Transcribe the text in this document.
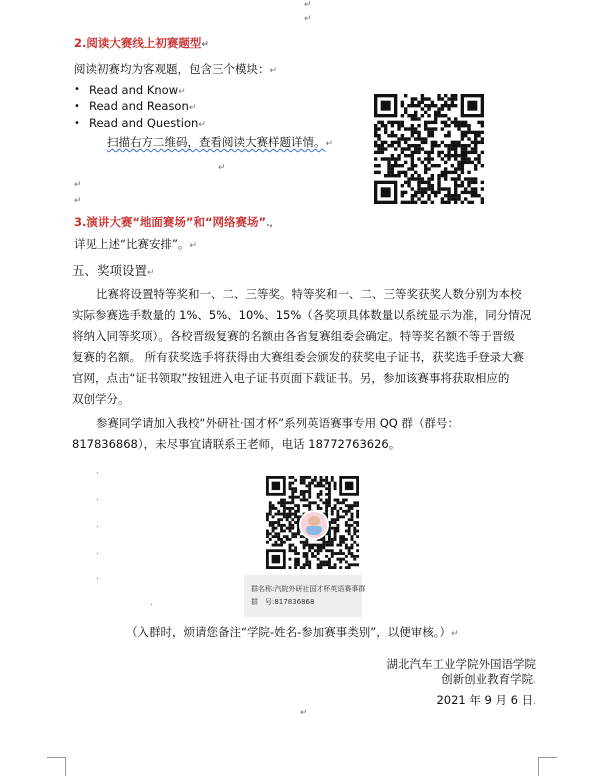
↵
↵
2.阅读大赛线上初赛题型↵
阅读初赛均为客观题，包含三个模块：↵
• Read and Know↵
• Read and Reason↵
• Read and Question↵
扫描右方二维码，查看阅读大赛样题详情。↵
↵
↵
↵
3.演讲大赛“地面赛场”和“网络赛场”.,
详见上述“比赛安排”。↵
五、奖项设置↵
比赛将设置特等奖和一、二、三等奖。特等奖和一、二、三等奖获奖人数分别为本校
实际参赛选手数量的 1%、5%、10%、15%（各奖项具体数量以系统显示为准，同分情况
将纳入同等奖项）。各校晋级复赛的名额由各省复赛组委会确定。特等奖名额不等于晋级
复赛的名额。 所有获奖选手将获得由大赛组委会颁发的获奖电子证书，获奖选手登录大赛
官网，点击“证书领取”按钮进入电子证书页面下载证书。另，参加该赛事将获取相应的
双创学分。
参赛同学请加入我校“外研社·国才杯”系列英语赛事专用 QQ 群（群号：
817836868），未尽事宜请联系王老师，电话 18772763626。
.
.
.
.
.
群名称:汽院外研社国才杯英语赛事群
群　号:817836868
.
（入群时，烦请您备注“学院-姓名-参加赛事类别”，以便审核。）↵
湖北汽车工业学院外国语学院
创新创业教育学院.
2021 年 9 月 6 日.
↵
